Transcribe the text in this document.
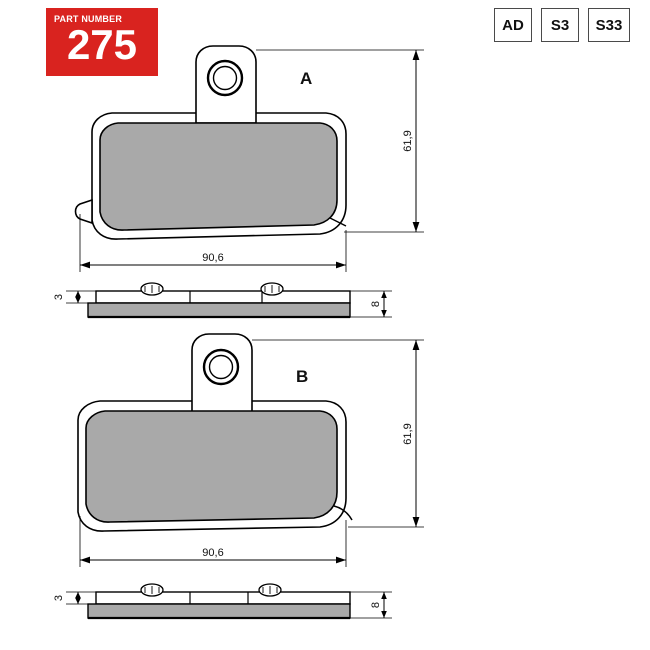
PART NUMBER
275	AD	S3	S33
A
61,9
90,6
3
8
B
61,9
90,6
3
8
